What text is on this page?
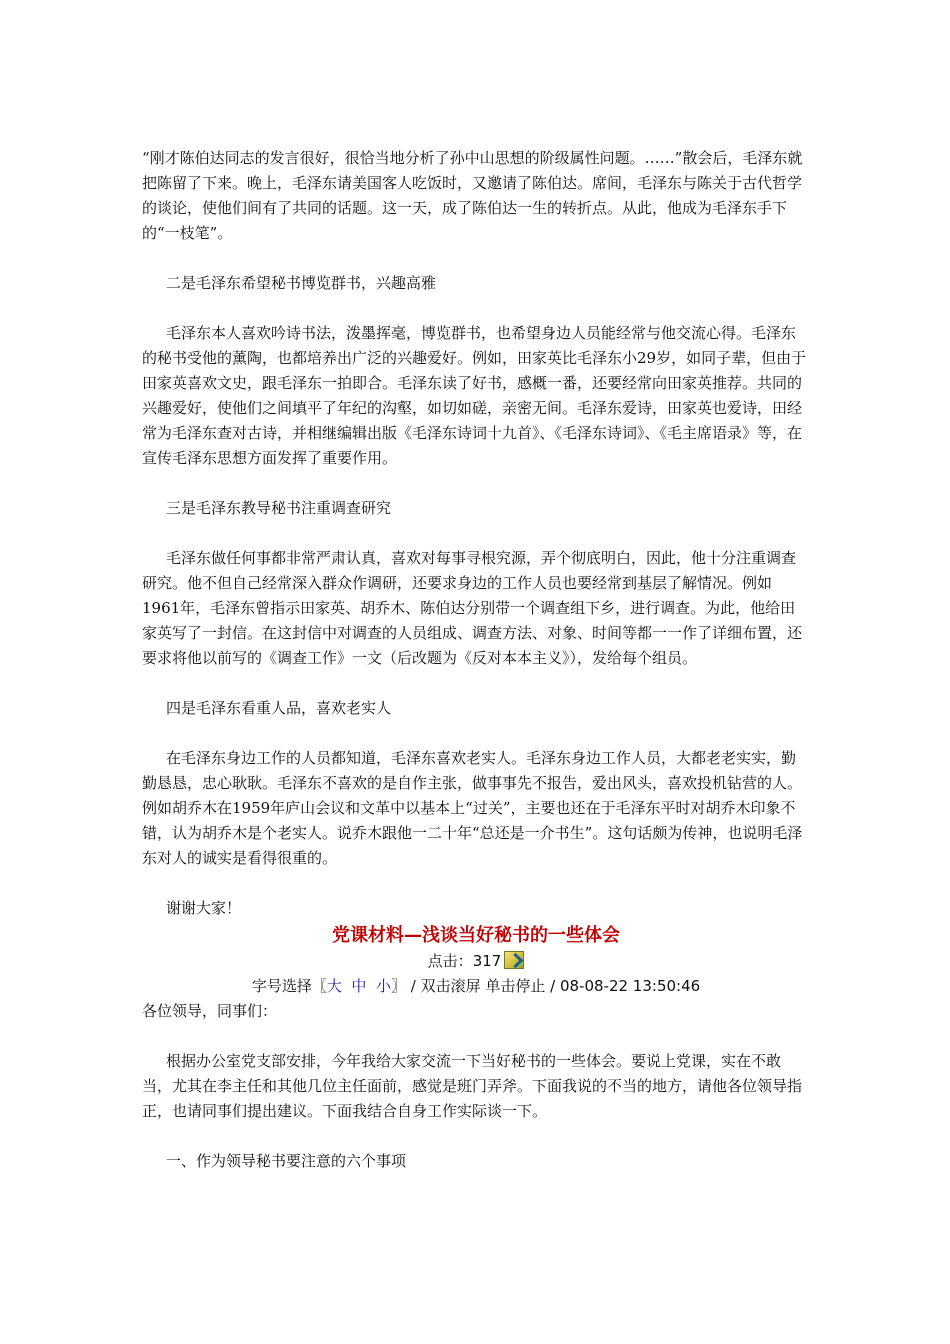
“刚才陈伯达同志的发言很好，很恰当地分析了孙中山思想的阶级属性问题。……”散会后，毛泽东就把陈留了下来。晚上，毛泽东请美国客人吃饭时，又邀请了陈伯达。席间，毛泽东与陈关于古代哲学的谈论，使他们间有了共同的话题。这一天，成了陈伯达一生的转折点。从此，他成为毛泽东手下的“一枝笔”。

二是毛泽东希望秘书博览群书，兴趣高雅

毛泽东本人喜欢吟诗书法，泼墨挥毫，博览群书，也希望身边人员能经常与他交流心得。毛泽东的秘书受他的薰陶，也都培养出广泛的兴趣爱好。例如，田家英比毛泽东小29岁，如同子辈，但由于田家英喜欢文史，跟毛泽东一拍即合。毛泽东读了好书，感概一番，还要经常向田家英推荐。共同的兴趣爱好，使他们之间填平了年纪的沟壑，如切如磋，亲密无间。毛泽东爱诗，田家英也爱诗，田经常为毛泽东查对古诗，并相继编辑出版《毛泽东诗词十九首》、《毛泽东诗词》、《毛主席语录》等，在宣传毛泽东思想方面发挥了重要作用。

三是毛泽东教导秘书注重调查研究

毛泽东做任何事都非常严肃认真，喜欢对每事寻根究源，弄个彻底明白，因此，他十分注重调查研究。他不但自己经常深入群众作调研，还要求身边的工作人员也要经常到基层了解情况。例如1961年，毛泽东曾指示田家英、胡乔木、陈伯达分别带一个调查组下乡，进行调查。为此，他给田家英写了一封信。在这封信中对调查的人员组成、调查方法、对象、时间等都一一作了详细布置，还要求将他以前写的《调查工作》一文（后改题为《反对本本主义》），发给每个组员。

四是毛泽东看重人品，喜欢老实人

在毛泽东身边工作的人员都知道，毛泽东喜欢老实人。毛泽东身边工作人员，大都老老实实，勤勤恳恳，忠心耿耿。毛泽东不喜欢的是自作主张，做事事先不报告，爱出风头，喜欢投机钻营的人。例如胡乔木在1959年庐山会议和文革中以基本上“过关”，主要也还在于毛泽东平时对胡乔木印象不错，认为胡乔木是个老实人。说乔木跟他一二十年“总还是一介书生”。这句话颇为传神，也说明毛泽东对人的诚实是看得很重的。

谢谢大家！

党课材料—浅谈当好秘书的一些体会
点击：317
字号选择〖大 中 小〗 / 双击滚屏 单击停止 / 08-08-22 13:50:46

各位领导，同事们：

根据办公室党支部安排，今年我给大家交流一下当好秘书的一些体会。要说上党课，实在不敢当，尤其在李主任和其他几位主任面前，感觉是班门弄斧。下面我说的不当的地方，请他各位领导指正，也请同事们提出建议。下面我结合自身工作实际谈一下。

一、作为领导秘书要注意的六个事项
